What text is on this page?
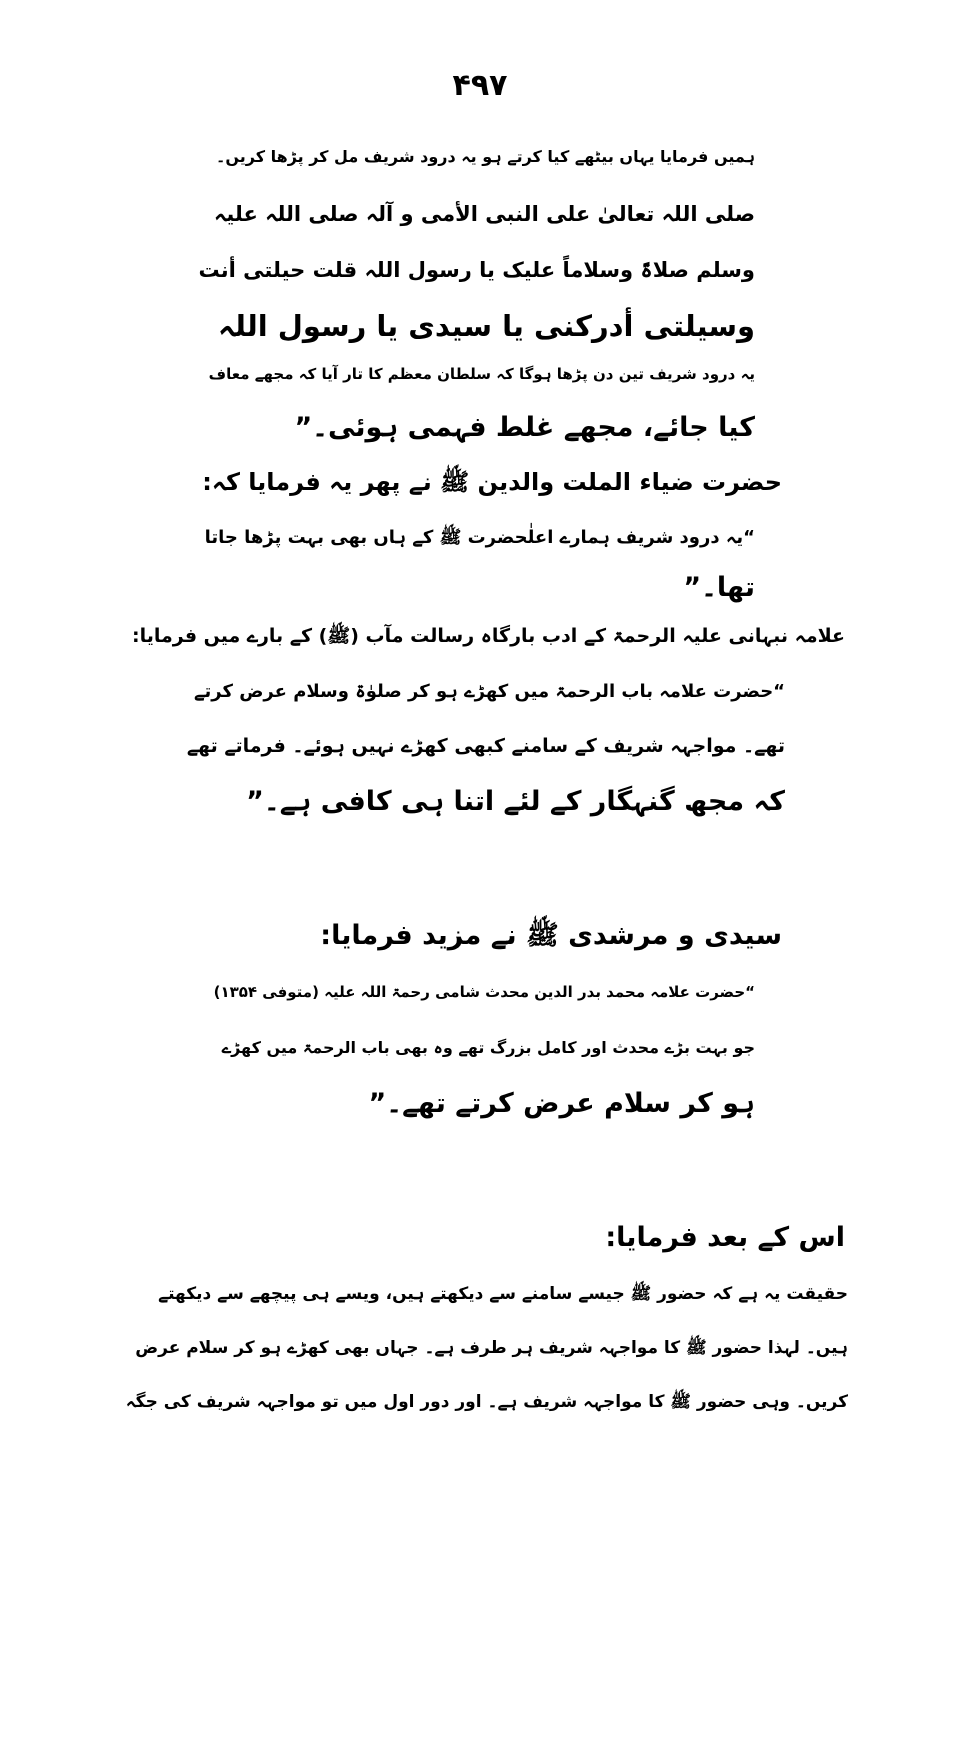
۴۹۷
ہمیں فرمایا یہاں بیٹھے کیا کرتے ہو یہ درود شریف مل کر پڑھا کریں۔
صلی اللہ تعالیٰ علی النبی الأمی و آلہ صلی اللہ علیہ
وسلم صلاۃً وسلاماً علیک یا رسول اللہ قلت حیلتی أنت
وسیلتی أدرکنی یا سیدی یا رسول اللہ
یہ درود شریف تین دن پڑھا ہوگا کہ سلطان معظم کا تار آیا کہ مجھے معاف
کیا جائے، مجھے غلط فہمی ہوئی۔”
حضرت ضیاء الملت والدین ﷺ نے پھر یہ فرمایا کہ:
“یہ درود شریف ہمارے اعلٰحضرت ﷺ کے ہاں بھی بہت پڑھا جاتا
تھا۔”
علامہ نبہانی علیہ الرحمۃ کے ادب بارگاہ رسالت مآب (ﷺ) کے بارے میں فرمایا:
“حضرت علامہ باب الرحمۃ میں کھڑے ہو کر صلوٰۃ وسلام عرض کرتے
تھے۔ مواجہہ شریف کے سامنے کبھی کھڑے نہیں ہوئے۔ فرماتے تھے
کہ مجھ گنہگار کے لئے اتنا ہی کافی ہے۔”
سیدی و مرشدی ﷺ نے مزید فرمایا:
“حضرت علامہ محمد بدر الدین محدث شامی رحمۃ اللہ علیہ (متوفی ۱۳۵۴)
جو بہت بڑے محدث اور کامل بزرگ تھے وہ بھی باب الرحمۃ میں کھڑے
ہو کر سلام عرض کرتے تھے۔”
اس کے بعد فرمایا:
حقیقت یہ ہے کہ حضور ﷺ جیسے سامنے سے دیکھتے ہیں، ویسے ہی پیچھے سے دیکھتے
ہیں۔ لہذا حضور ﷺ کا مواجہہ شریف ہر طرف ہے۔ جہاں بھی کھڑے ہو کر سلام عرض
کریں۔ وہی حضور ﷺ کا مواجہہ شریف ہے۔ اور دور اول میں تو مواجہہ شریف کی جگہ
